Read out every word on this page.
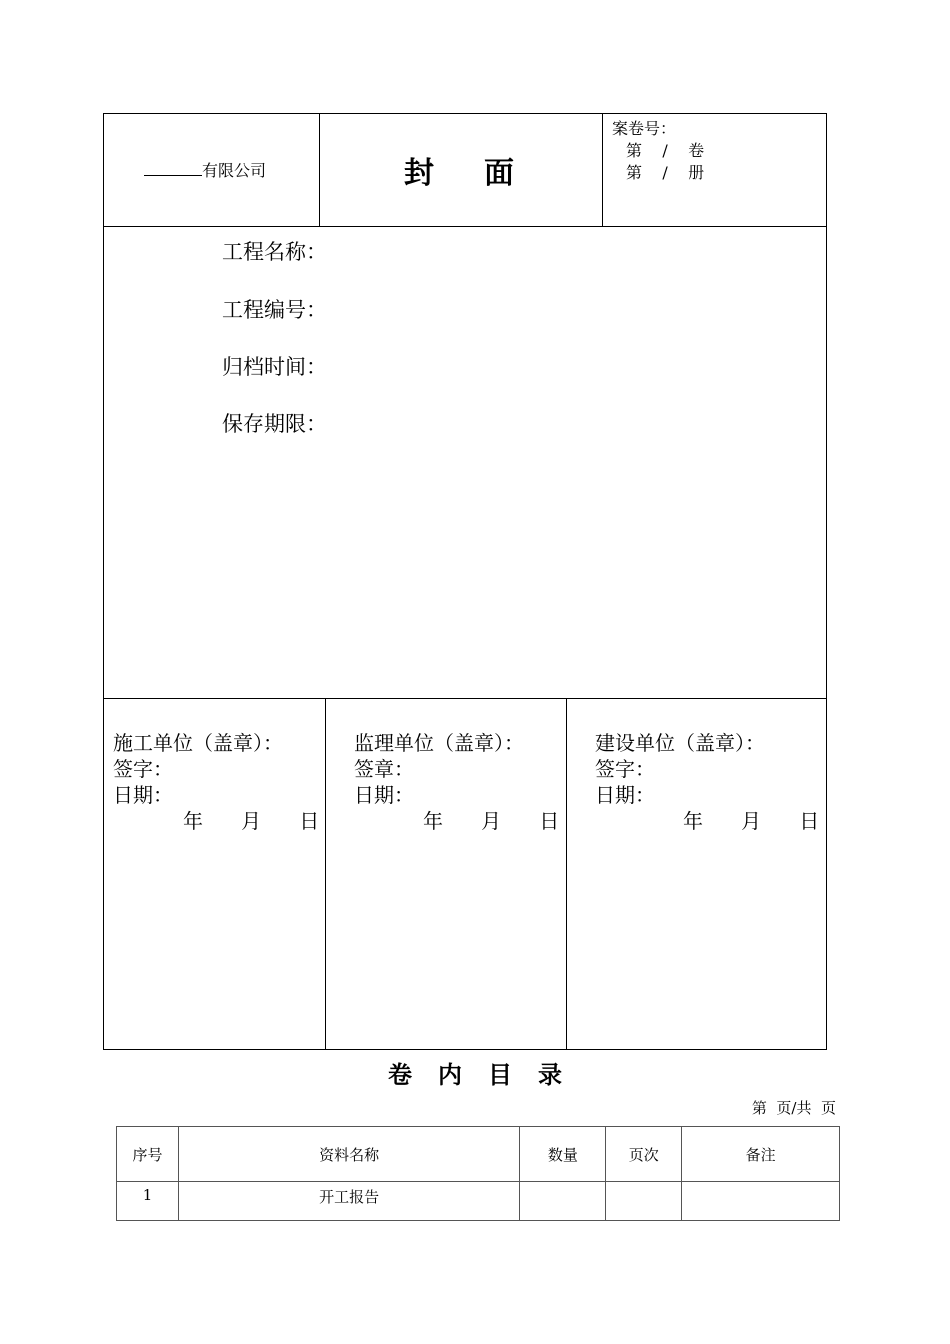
有限公司	封面
案卷号：
第    /    卷
第    /    册
工程名称：
工程编号：
归档时间：
保存期限：
施工单位（盖章）：
签字：
日期：
年      月      日
监理单位（盖章）：
签章：
日期：
年      月      日
建设单位（盖章）：
签字：
日期：
年      月      日
卷内目录
第  页/共  页
序号	资料名称	数量	页次	备注
1	开工报告			
